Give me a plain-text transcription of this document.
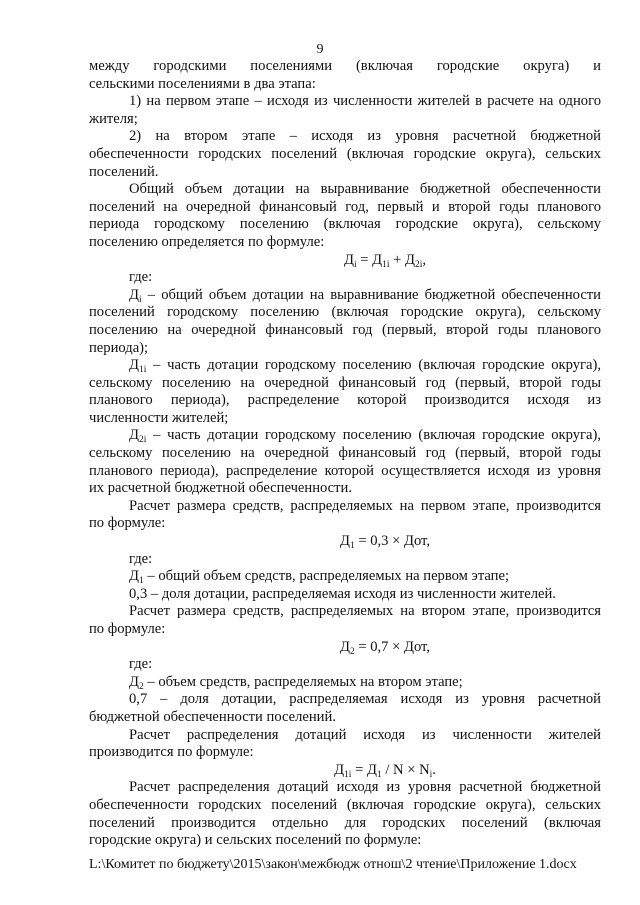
9

между городскими поселениями (включая городские округа) и

сельскими поселениями в два этапа:

1) на первом этапе – исходя из численности жителей в расчете на одного

жителя;

2) на втором этапе – исходя из уровня расчетной бюджетной

обеспеченности городских поселений (включая городские округа), сельских

поселений.

Общий объем дотации на выравнивание бюджетной обеспеченности

поселений на очередной финансовый год, первый и второй годы планового

периода городскому поселению (включая городские округа), сельскому

поселению определяется по формуле:

$Д_i = Д_{1i} + Д_{2i}$,

где:

$Д_i$ – общий объем дотации на выравнивание бюджетной обеспеченности

поселений городскому поселению (включая городские округа), сельскому

поселению на очередной финансовый год (первый, второй годы планового

периода);

$Д_{1i}$ – часть дотации городскому поселению (включая городские округа),

сельскому поселению на очередной финансовый год (первый, второй годы

планового периода), распределение которой производится исходя из

численности жителей;

$Д_{2i}$ – часть дотации городскому поселению (включая городские округа),

сельскому поселению на очередной финансовый год (первый, второй годы

планового периода), распределение которой осуществляется исходя из уровня

их расчетной бюджетной обеспеченности.

Расчет размера средств, распределяемых на первом этапе, производится

по формуле:

$Д_1 = 0,3$ × Дот,

где:

$Д_1$ – общий объем средств, распределяемых на первом этапе;

0,3 – доля дотации, распределяемая исходя из численности жителей.

Расчет размера средств, распределяемых на втором этапе, производится

по формуле:

$Д_2 = 0,7$ × Дот,

где:

$Д_2$ – объем средств, распределяемых на втором этапе;

0,7 – доля дотации, распределяемая исходя из уровня расчетной

бюджетной обеспеченности поселений.

Расчет распределения дотаций исходя из численности жителей

производится по формуле:

$Д_{1i} = Д_1 / N \times N_i$.

Расчет распределения дотаций исходя из уровня расчетной бюджетной

обеспеченности городских поселений (включая городские округа), сельских

поселений производится отдельно для городских поселений (включая

городские округа) и сельских поселений по формуле:

L:\Комитет по бюджету\2015\закон\межбюдж отнош\2 чтение\Приложение 1.docx
